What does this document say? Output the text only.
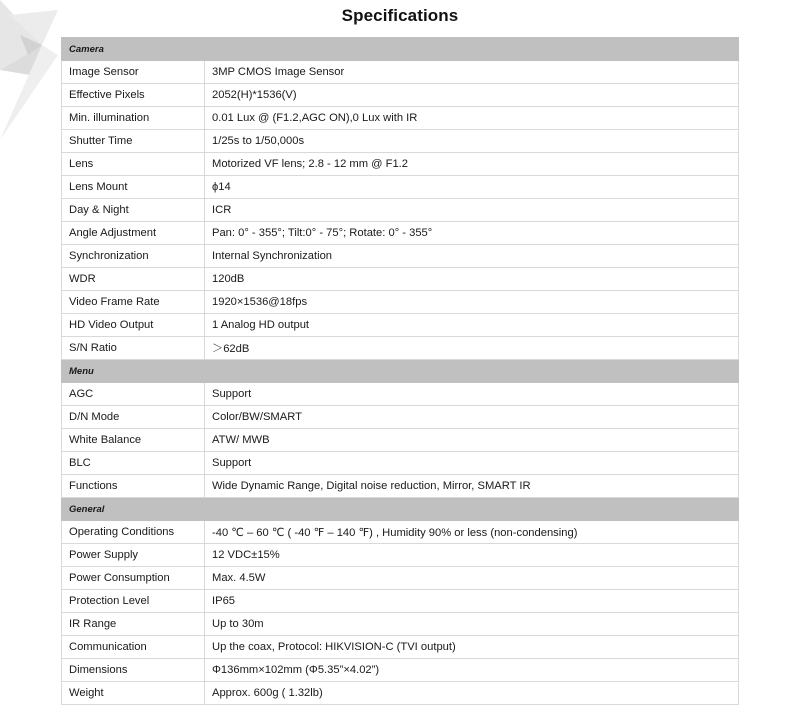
Specifications
Camera	
Image Sensor	3MP CMOS Image Sensor
Effective Pixels	2052(H)*1536(V)
Min. illumination	0.01 Lux @ (F1.2,AGC ON),0 Lux with IR
Shutter Time	1/25s to 1/50,000s
Lens	Motorized VF lens; 2.8 - 12 mm @ F1.2
Lens Mount	ϕ14
Day & Night	ICR
Angle Adjustment	Pan: 0° - 355°; Tilt:0° - 75°; Rotate: 0° - 355°
Synchronization	Internal Synchronization
WDR	120dB
Video Frame Rate	1920×1536@18fps
HD Video Output	1 Analog HD output
S/N Ratio	＞62dB
Menu	
AGC	Support
D/N Mode	Color/BW/SMART
White Balance	ATW/ MWB
BLC	Support
Functions	Wide Dynamic Range, Digital noise reduction, Mirror, SMART IR
General	
Operating Conditions	-40 ℃ – 60 ℃ ( -40 ℉ – 140 ℉) , Humidity 90% or less (non-condensing)
Power Supply	12 VDC±15%
Power Consumption	Max. 4.5W
Protection Level	IP65
IR Range	Up to 30m
Communication	Up the coax, Protocol: HIKVISION-C (TVI output)
Dimensions	Φ136mm×102mm (Φ5.35”×4.02”)
Weight	Approx. 600g ( 1.32lb)
